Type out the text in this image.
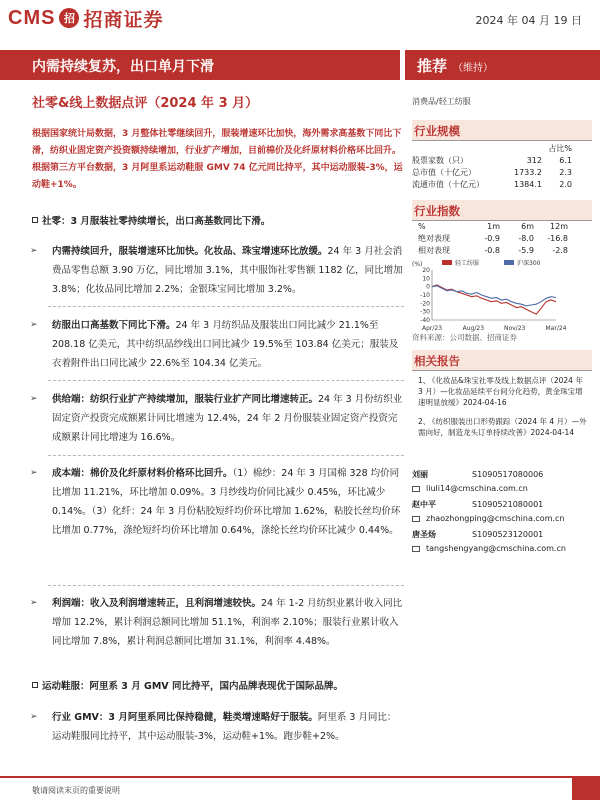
CMS 招 招商证券	2024 年 04 月 19 日
内需持续复苏，出口单月下滑	推荐 （维持）
社零&线上数据点评（2024 年 3 月）	消费品/轻工纺服
根据国家统计局数据，3 月整体社零继续回升，服装增速环比加快，海外需求高基数下同比下滑，纺织业固定资产投资额持续增加，行业扩产增加，目前棉价及化纤原材料价格环比回升。根据第三方平台数据，3 月阿里系运动鞋服 GMV 74 亿元同比持平，其中运动服装-3%，运动鞋+1%。
社零：3 月服装社零持续增长，出口高基数同比下滑。
➢ 内需持续回升，服装增速环比加快。化妆品、珠宝增速环比放缓。24 年 3 月社会消费品零售总额 3.90 万亿，同比增加 3.1%，其中服饰社零售额 1182 亿，同比增加 3.8%；化妆品同比增加 2.2%；金银珠宝同比增加 3.2%。
➢ 纺服出口高基数下同比下滑。24 年 3 月纺织品及服装出口同比减少 21.1%至 208.18 亿美元，其中纺织品纱线出口同比减少 19.5%至 103.84 亿美元；服装及衣着附件出口同比减少 22.6%至 104.34 亿美元。
➢ 供给端：纺织行业扩产持续增加，服装行业扩产同比增速转正。24 年 3 月份纺织业固定资产投资完成额累计同比增速为 12.4%，24 年 2 月份服装业固定资产投资完成额累计同比增速为 16.6%。
➢ 成本端：棉价及化纤原材料价格环比回升。（1）棉纱：24 年 3 月国棉 328 均价同比增加 11.21%，环比增加 0.09%。3 月纱线均价同比减少 0.45%，环比减少 0.14%。（3）化纤：24 年 3 月份粘胶短纤均价环比增加 1.62%，粘胶长丝均价环比增加 0.77%，涤纶短纤均价环比增加 0.64%，涤纶长丝均价环比减少 0.44%。
➢ 利润端：收入及利润增速转正，且利润增速较快。24 年 1-2 月纺织业累计收入同比增加 12.2%，累计利润总额同比增加 51.1%，利润率 2.10%；服装行业累计收入同比增加 7.8%，累计利润总额同比增加 31.1%，利润率 4.48%。
运动鞋服：阿里系 3 月 GMV 同比持平，国内品牌表现优于国际品牌。
➢ 行业 GMV：3 月阿里系同比保持稳健，鞋类增速略好于服装。阿里系 3 月同比：运动鞋服同比持平，其中运动服装-3%，运动鞋+1%。跑步鞋+2%。
行业规模
占比%
股票家数（只）	312	6.1
总市值（十亿元）	1733.2	2.3
流通市值（十亿元）	1384.1	2.0
行业指数
%	1m	6m	12m
绝对表现	-0.9	-8.0	-16.8
相对表现	-0.8	-5.9	-2.8
(%)
20
10
0
-10
-20
-30
-40
Apr/23	Aug/23	Nov/23	Mar/24
轻工纺服	沪深300
资料来源：公司数据、招商证券
相关报告
1、《化妆品&珠宝社零及线上数据点评（2024 年 3 月）—化妆品延续平台间分化趋势，黄金珠宝增速明显放缓》2024-04-16
2、《纺织服装出口形势跟踪（2024 年 4 月）—外需向好，制造龙头订单持续改善》2024-04-14
刘丽	S1090517080006
liuli14@cmschina.com.cn
赵中平	S1090521080001
zhaozhongping@cmschina.com.cn
唐圣炀	S1090523120001
tangshengyang@cmschina.com.cn
敬请阅读末页的重要说明
